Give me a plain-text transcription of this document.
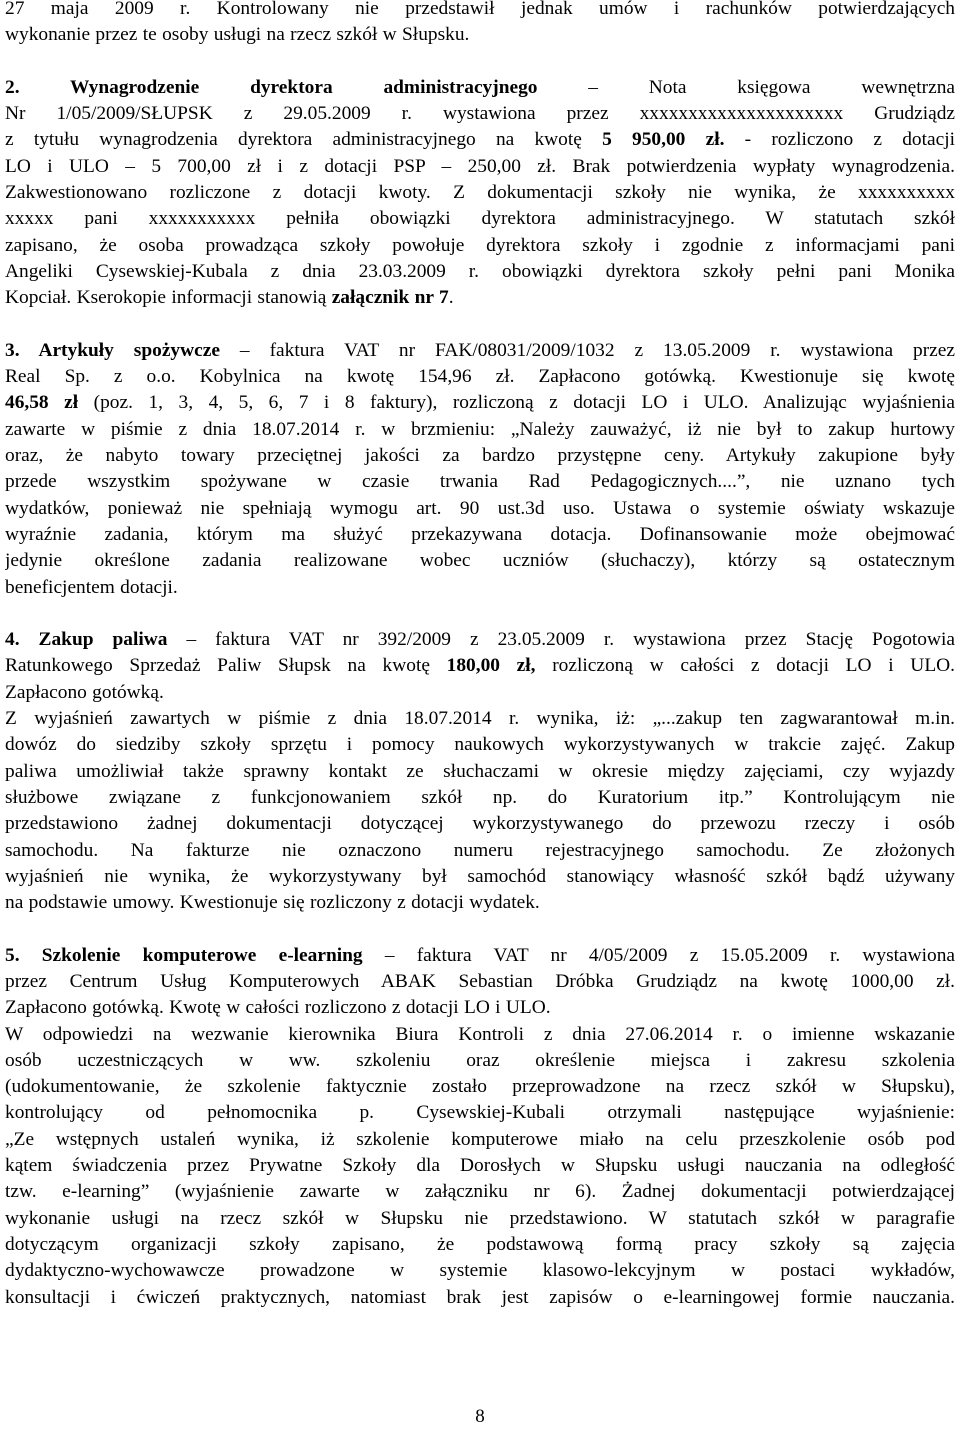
27 maja 2009 r. Kontrolowany nie przedstawił jednak umów i rachunków potwierdzających
wykonanie przez te osoby usługi na rzecz szkół w Słupsku.
2. Wynagrodzenie dyrektora administracyjnego – Nota księgowa wewnętrzna
Nr 1/05/2009/SŁUPSK z 29.05.2009 r. wystawiona przez xxxxxxxxxxxxxxxxxxxxx Grudziądz
z tytułu wynagrodzenia dyrektora administracyjnego na kwotę 5 950,00 zł. - rozliczono z dotacji
LO i ULO – 5 700,00 zł i z dotacji PSP – 250,00 zł. Brak potwierdzenia wypłaty wynagrodzenia.
Zakwestionowano rozliczone z dotacji kwoty. Z dokumentacji szkoły nie wynika, że xxxxxxxxxx
xxxxx pani xxxxxxxxxxx pełniła obowiązki dyrektora administracyjnego. W statutach szkół
zapisano, że osoba prowadząca szkoły powołuje dyrektora szkoły i zgodnie z informacjami pani
Angeliki Cysewskiej-Kubala z dnia 23.03.2009 r. obowiązki dyrektora szkoły pełni pani Monika
Kopciał. Kserokopie informacji stanowią załącznik nr 7.
3. Artykuły spożywcze – faktura VAT nr FAK/08031/2009/1032 z 13.05.2009 r. wystawiona przez
Real Sp. z o.o. Kobylnica na kwotę 154,96 zł. Zapłacono gotówką. Kwestionuje się kwotę
46,58 zł (poz. 1, 3, 4, 5, 6, 7 i 8 faktury), rozliczoną z dotacji LO i ULO. Analizując wyjaśnienia
zawarte w piśmie z dnia 18.07.2014 r. w brzmieniu: „Należy zauważyć, iż nie był to zakup hurtowy
oraz, że nabyto towary przeciętnej jakości za bardzo przystępne ceny. Artykuły zakupione były
przede wszystkim spożywane w czasie trwania Rad Pedagogicznych....”, nie uznano tych
wydatków, ponieważ nie spełniają wymogu art. 90 ust.3d uso. Ustawa o systemie oświaty wskazuje
wyraźnie zadania, którym ma służyć przekazywana dotacja. Dofinansowanie może obejmować
jedynie określone zadania realizowane wobec uczniów (słuchaczy), którzy są ostatecznym
beneficjentem dotacji.
4. Zakup paliwa – faktura VAT nr 392/2009 z 23.05.2009 r. wystawiona przez Stację Pogotowia
Ratunkowego Sprzedaż Paliw Słupsk na kwotę 180,00 zł, rozliczoną w całości z dotacji LO i ULO.
Zapłacono gotówką.
Z wyjaśnień zawartych w piśmie z dnia 18.07.2014 r. wynika, iż: „...zakup ten zagwarantował m.in.
dowóz do siedziby szkoły sprzętu i pomocy naukowych wykorzystywanych w trakcie zajęć. Zakup
paliwa umożliwiał także sprawny kontakt ze słuchaczami w okresie między zajęciami, czy wyjazdy
służbowe związane z funkcjonowaniem szkół np. do Kuratorium itp.” Kontrolującym nie
przedstawiono żadnej dokumentacji dotyczącej wykorzystywanego do przewozu rzeczy i osób
samochodu. Na fakturze nie oznaczono numeru rejestracyjnego samochodu. Ze złożonych
wyjaśnień nie wynika, że wykorzystywany był samochód stanowiący własność szkół bądź używany
na podstawie umowy. Kwestionuje się rozliczony z dotacji wydatek.
5. Szkolenie komputerowe e-learning – faktura VAT nr 4/05/2009 z 15.05.2009 r. wystawiona
przez Centrum Usług Komputerowych ABAK Sebastian Dróbka Grudziądz na kwotę 1000,00 zł.
Zapłacono gotówką. Kwotę w całości rozliczono z dotacji LO i ULO.
W odpowiedzi na wezwanie kierownika Biura Kontroli z dnia 27.06.2014 r. o imienne wskazanie
osób uczestniczących w ww. szkoleniu oraz określenie miejsca i zakresu szkolenia
(udokumentowanie, że szkolenie faktycznie zostało przeprowadzone na rzecz szkół w Słupsku),
kontrolujący od pełnomocnika p. Cysewskiej-Kubali otrzymali następujące wyjaśnienie:
„Ze wstępnych ustaleń wynika, iż szkolenie komputerowe miało na celu przeszkolenie osób pod
kątem świadczenia przez Prywatne Szkoły dla Dorosłych w Słupsku usługi nauczania na odległość
tzw. e-learning” (wyjaśnienie zawarte w załączniku nr 6). Żadnej dokumentacji potwierdzającej
wykonanie usługi na rzecz szkół w Słupsku nie przedstawiono. W statutach szkół w paragrafie
dotyczącym organizacji szkoły zapisano, że podstawową formą pracy szkoły są zajęcia
dydaktyczno-wychowawcze prowadzone w systemie klasowo-lekcyjnym w postaci wykładów,
konsultacji i ćwiczeń praktycznych, natomiast brak jest zapisów o e-learningowej formie nauczania.
8
